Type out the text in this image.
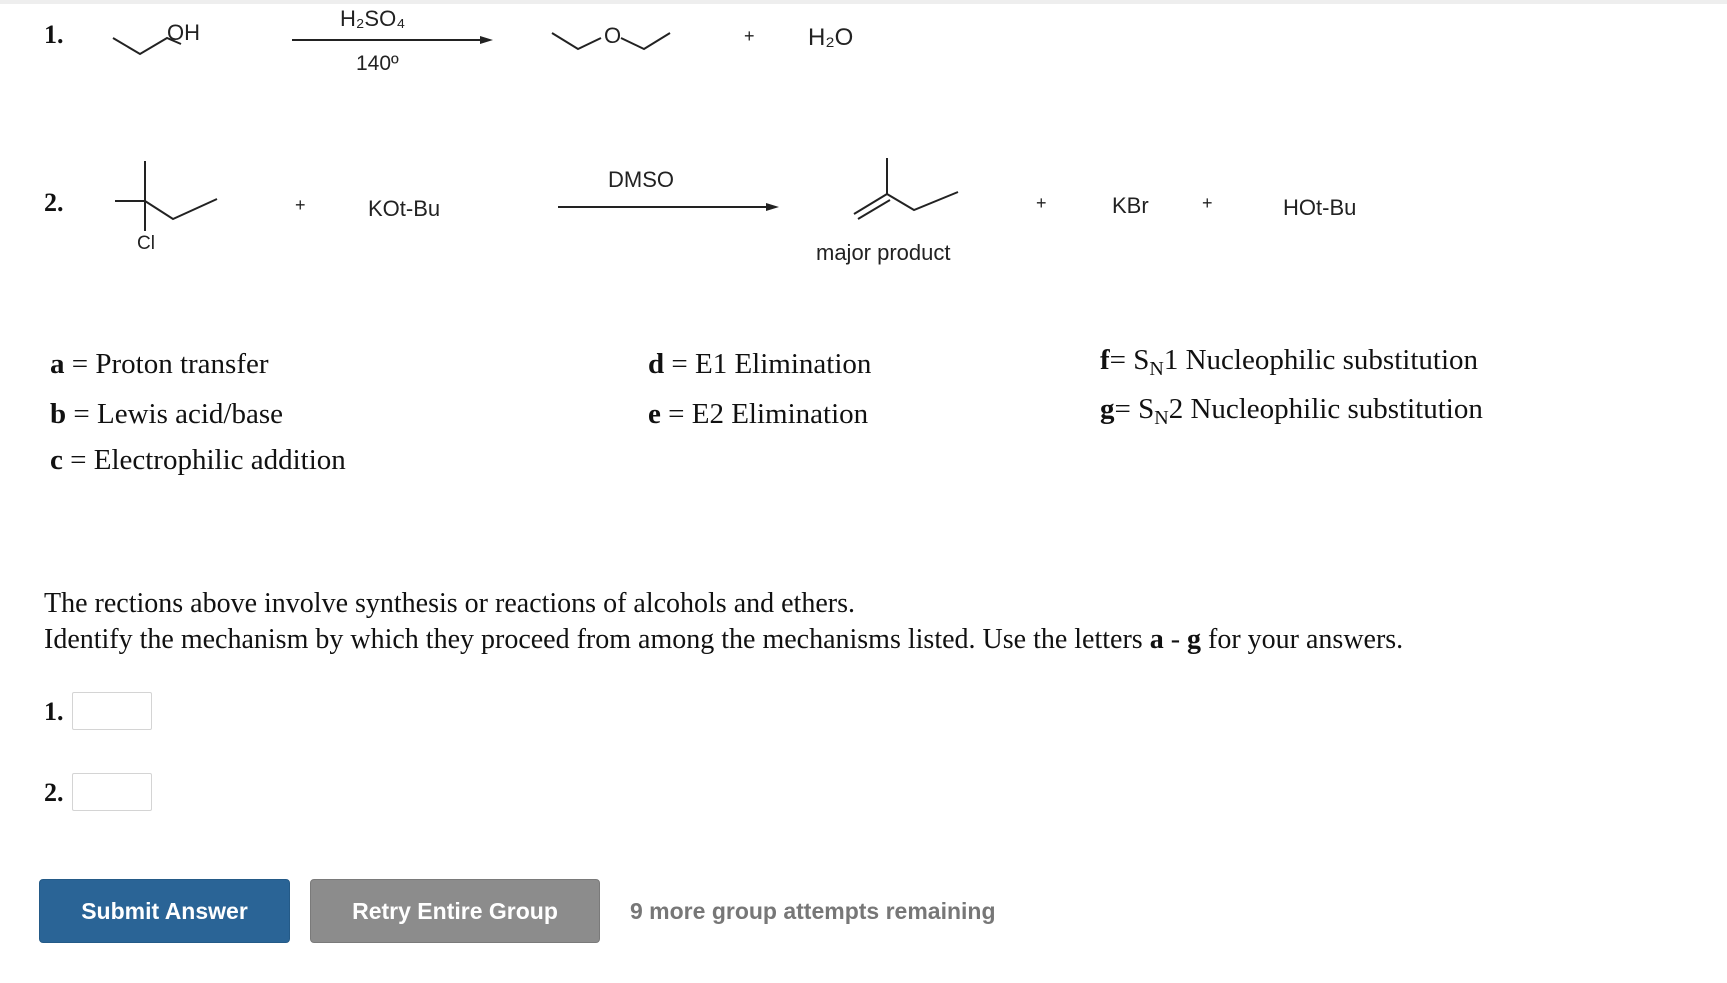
1.	OH
H₂SO₄
140º
O	+ H₂O
2.
Cl
+	KOt-Bu
DMSO
major product
+	KBr	+	HOt-Bu
a = Proton transfer
b = Lewis acid/base
c = Electrophilic addition
d = E1 Elimination
e = E2 Elimination
$f= S_N1$ Nucleophilic substitution
$g= S_N2$ Nucleophilic substitution
The rections above involve synthesis or reactions of alcohols and ethers.
Identify the mechanism by which they proceed from among the mechanisms listed. Use the letters a - g for your answers.
1.
2.
Submit Answer	Retry Entire Group	9 more group attempts remaining
